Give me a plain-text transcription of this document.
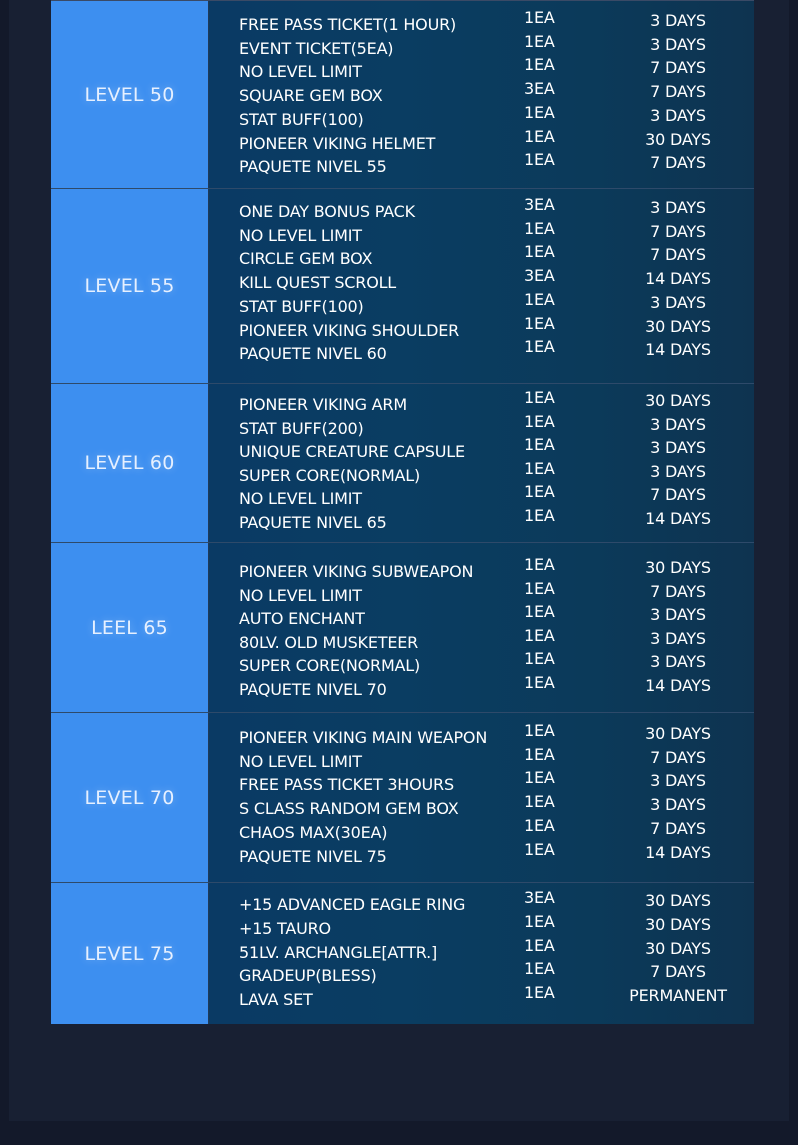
LEVEL 50
FREE PASS TICKET(1 HOUR)	1EA	3 DAYS
EVENT TICKET(5EA)	1EA	3 DAYS
NO LEVEL LIMIT	1EA	7 DAYS
SQUARE GEM BOX	3EA	7 DAYS
STAT BUFF(100)	1EA	3 DAYS
PIONEER VIKING HELMET	1EA	30 DAYS
PAQUETE NIVEL 55	1EA	7 DAYS
LEVEL 55
ONE DAY BONUS PACK	3EA	3 DAYS
NO LEVEL LIMIT	1EA	7 DAYS
CIRCLE GEM BOX	1EA	7 DAYS
KILL QUEST SCROLL	3EA	14 DAYS
STAT BUFF(100)	1EA	3 DAYS
PIONEER VIKING SHOULDER	1EA	30 DAYS
PAQUETE NIVEL 60	1EA	14 DAYS
LEVEL 60
PIONEER VIKING ARM	1EA	30 DAYS
STAT BUFF(200)	1EA	3 DAYS
UNIQUE CREATURE CAPSULE	1EA	3 DAYS
SUPER CORE(NORMAL)	1EA	3 DAYS
NO LEVEL LIMIT	1EA	7 DAYS
PAQUETE NIVEL 65	1EA	14 DAYS
LEEL 65
PIONEER VIKING SUBWEAPON	1EA	30 DAYS
NO LEVEL LIMIT	1EA	7 DAYS
AUTO ENCHANT	1EA	3 DAYS
80LV. OLD MUSKETEER	1EA	3 DAYS
SUPER CORE(NORMAL)	1EA	3 DAYS
PAQUETE NIVEL 70	1EA	14 DAYS
LEVEL 70
PIONEER VIKING MAIN WEAPON 1EA	30 DAYS
NO LEVEL LIMIT	1EA	7 DAYS
FREE PASS TICKET 3HOURS	1EA	3 DAYS
S CLASS RANDOM GEM BOX	1EA	3 DAYS
CHAOS MAX(30EA)	1EA	7 DAYS
PAQUETE NIVEL 75	1EA	14 DAYS
LEVEL 75
+15 ADVANCED EAGLE RING	3EA	30 DAYS
+15 TAURO	1EA	30 DAYS
51LV. ARCHANGLE[ATTR.]	1EA	30 DAYS
GRADEUP(BLESS)	1EA	7 DAYS
LAVA SET	1EA	PERMANENT
